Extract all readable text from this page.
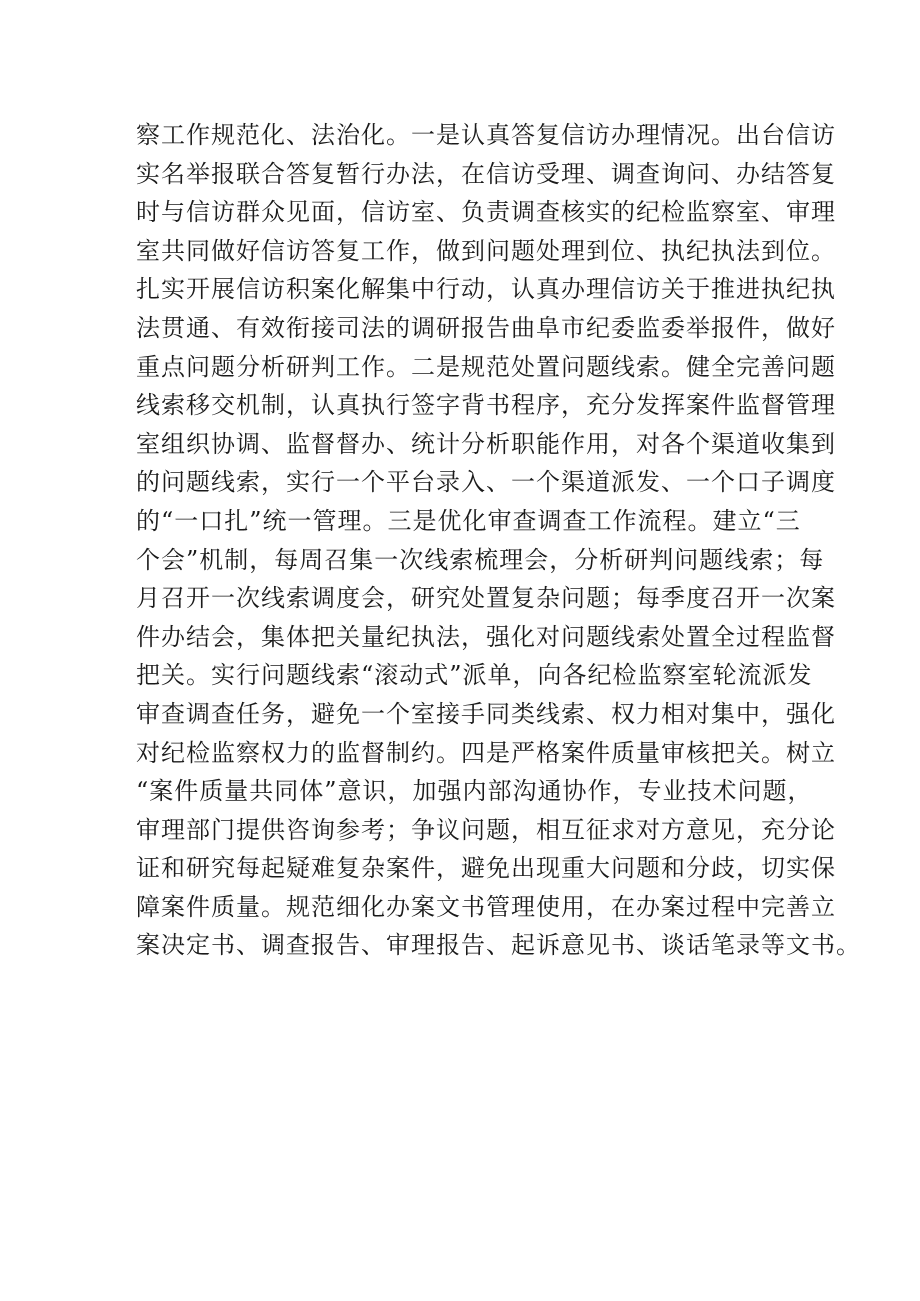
察工作规范化、法治化。一是认真答复信访办理情况。出台信访
实名举报联合答复暂行办法，在信访受理、调查询问、办结答复
时与信访群众见面，信访室、负责调查核实的纪检监察室、审理
室共同做好信访答复工作，做到问题处理到位、执纪执法到位。
扎实开展信访积案化解集中行动，认真办理信访关于推进执纪执
法贯通、有效衔接司法的调研报告曲阜市纪委监委举报件，做好
重点问题分析研判工作。二是规范处置问题线索。健全完善问题
线索移交机制，认真执行签字背书程序，充分发挥案件监督管理
室组织协调、监督督办、统计分析职能作用，对各个渠道收集到
的问题线索，实行一个平台录入、一个渠道派发、一个口子调度
的“一口扎”统一管理。三是优化审查调查工作流程。建立“三
个会”机制，每周召集一次线索梳理会，分析研判问题线索；每
月召开一次线索调度会，研究处置复杂问题；每季度召开一次案
件办结会，集体把关量纪执法，强化对问题线索处置全过程监督
把关。实行问题线索“滚动式”派单，向各纪检监察室轮流派发
审查调查任务，避免一个室接手同类线索、权力相对集中，强化
对纪检监察权力的监督制约。四是严格案件质量审核把关。树立
“案件质量共同体”意识，加强内部沟通协作，专业技术问题，
审理部门提供咨询参考；争议问题，相互征求对方意见，充分论
证和研究每起疑难复杂案件，避免出现重大问题和分歧，切实保
障案件质量。规范细化办案文书管理使用，在办案过程中完善立
案决定书、调查报告、审理报告、起诉意见书、谈话笔录等文书。
